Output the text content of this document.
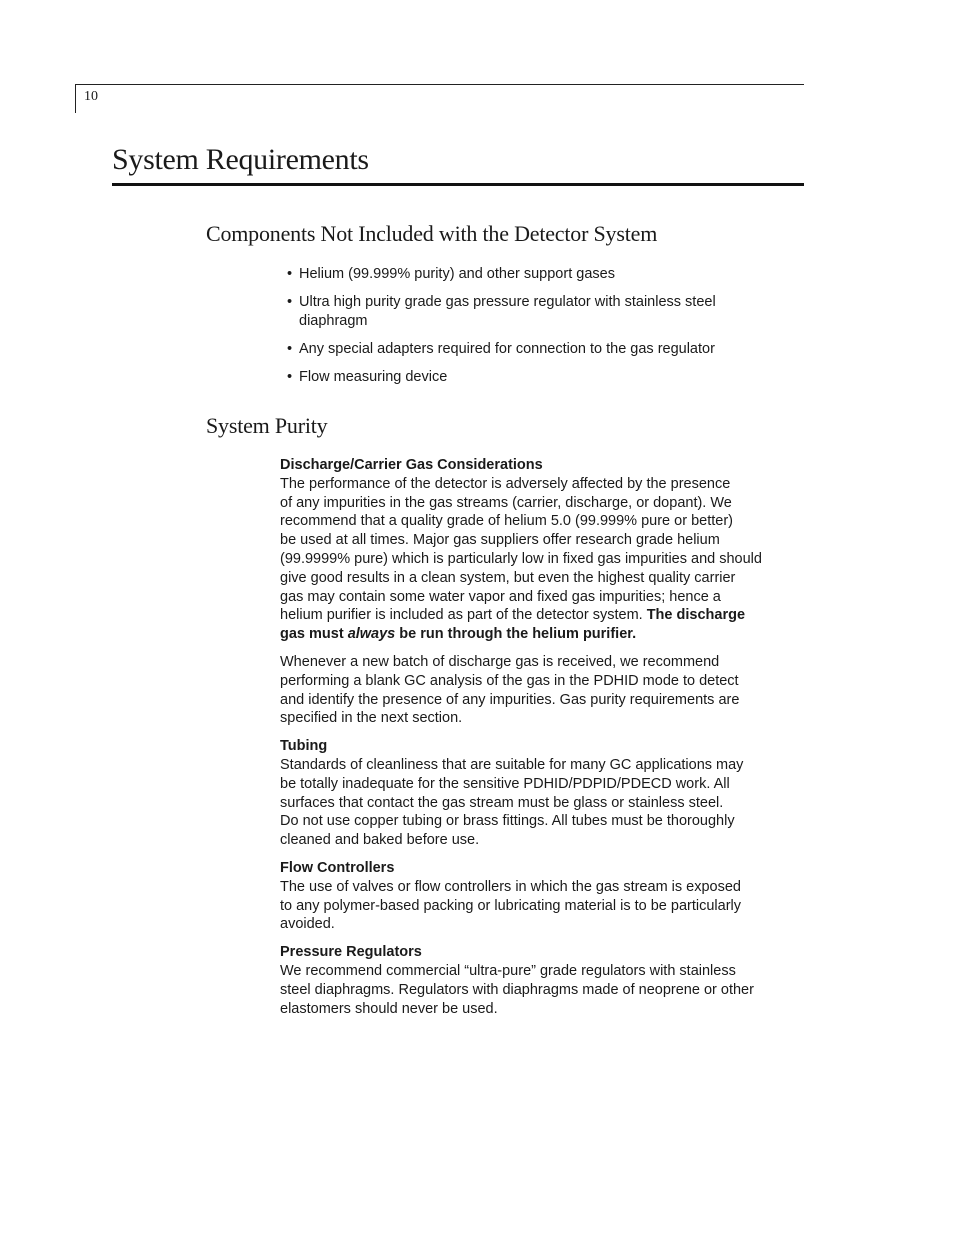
10
System Requirements
Components Not Included with the Detector System
• Helium (99.999% purity) and other support gases
• Ultra high purity grade gas pressure regulator with stainless steel
diaphragm
• Any special adapters required for connection to the gas regulator
• Flow measuring device
System Purity

Discharge/Carrier Gas Considerations
The performance of the detector is adversely affected by the presence
of any impurities in the gas streams (carrier, discharge, or dopant). We
recommend that a quality grade of helium 5.0 (99.999% pure or better)
be used at all times. Major gas suppliers offer research grade helium
(99.9999% pure) which is particularly low in fixed gas impurities and should
give good results in a clean system, but even the highest quality carrier
gas may contain some water vapor and fixed gas impurities; hence a
helium purifier is included as part of the detector system. The discharge
gas must always be run through the helium purifier.

Whenever a new batch of discharge gas is received, we recommend
performing a blank GC analysis of the gas in the PDHID mode to detect
and identify the presence of any impurities. Gas purity requirements are
specified in the next section.

Tubing
Standards of cleanliness that are suitable for many GC applications may
be totally inadequate for the sensitive PDHID/PDPID/PDECD work. All
surfaces that contact the gas stream must be glass or stainless steel.
Do not use copper tubing or brass fittings. All tubes must be thoroughly
cleaned and baked before use.

Flow Controllers
The use of valves or flow controllers in which the gas stream is exposed
to any polymer-based packing or lubricating material is to be particularly
avoided.

Pressure Regulators
We recommend commercial “ultra-pure” grade regulators with stainless
steel diaphragms. Regulators with diaphragms made of neoprene or other
elastomers should never be used.
